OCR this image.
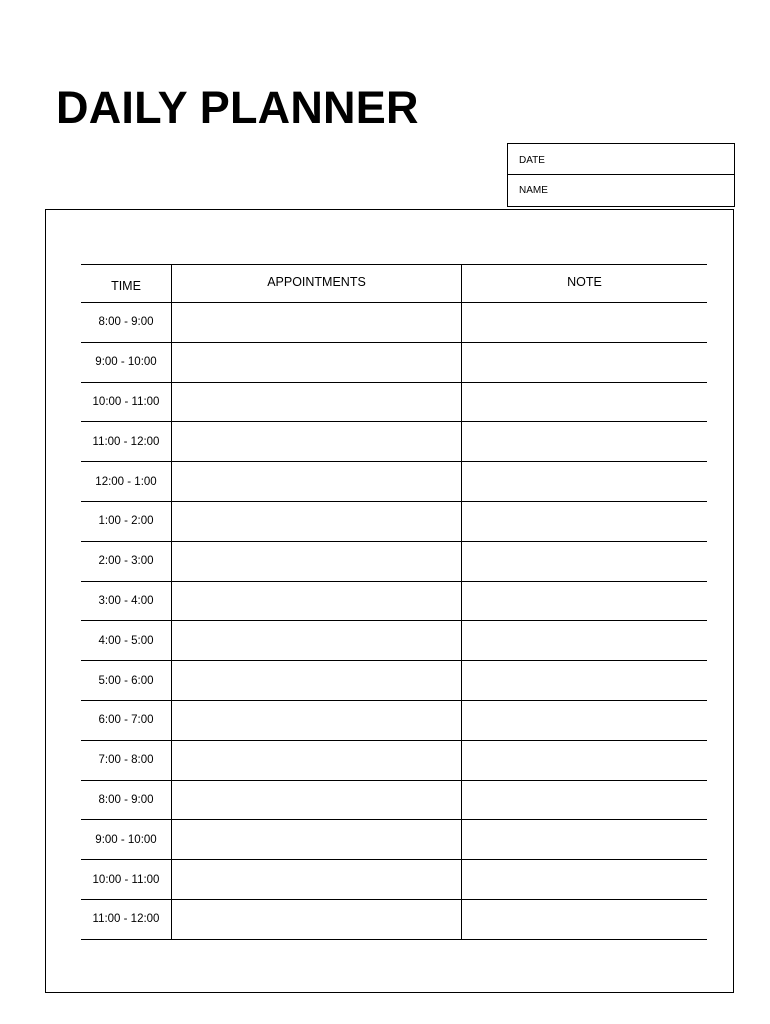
DAILY PLANNER
DATE
NAME
TIME	APPOINTMENTS	NOTE
8:00 - 9:00
9:00 - 10:00
10:00 - 11:00
11:00 - 12:00
12:00 - 1:00
1:00 - 2:00
2:00 - 3:00
3:00 - 4:00
4:00 - 5:00
5:00 - 6:00
6:00 - 7:00
7:00 - 8:00
8:00 - 9:00
9:00 - 10:00
10:00 - 11:00
11:00 - 12:00
